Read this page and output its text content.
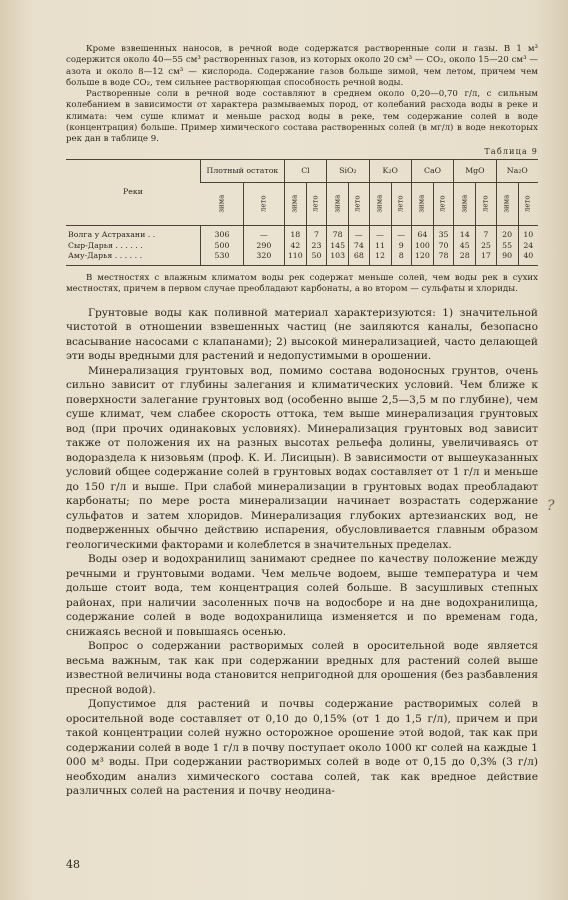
Кроме взвешенных наносов, в речной воде содержатся растворенные соли и газы. В 1 м³ содержится около 40—55 см³ растворенных газов, из которых около 20 см³ — CO₂, около 15—20 см³ — азота и около 8—12 см³ — кислорода. Содержание газов больше зимой, чем летом, причем чем больше в воде CO₂, тем сильнее растворяющая способность речной воды.

Растворенные соли в речной воде составляют в среднем около 0,20—0,70 г/л, с сильным колебанием в зависимости от характера размываемых пород, от колебаний расхода воды в реке и климата: чем суше климат и меньше расход воды в реке, тем содержание солей в воде (концентрация) больше. Пример химического состава растворенных солей (в мг/л) в воде некоторых рек дан в таблице 9.

Таблица 9
Реки	Плотный остаток		Cl		SiO₂		K₂O		CaO		MgO		Na₂O	
	зима	лето	зима	лето	зима	лето	зима	лето	зима	лето	зима	лето	зима	лето
Волга у Астрахани . .	306	—	18	7	78	—	—	—	64	35	14	7	20	10
Сыр-Дарья . . . . . .	500	290	42	23	145	74	11	9	100	70	45	25	55	24
Аму-Дарья . . . . . .	530	320	110	50	103	68	12	8	120	78	28	17	90	40

В местностях с влажным климатом воды рек содержат меньше солей, чем воды рек в сухих местностях, причем в первом случае преобладают карбонаты, а во втором — сульфаты и хлориды.

Грунтовые воды как поливной материал характеризуются: 1) значительной чистотой в отношении взвешенных частиц (не заиляются каналы, безопасно всасывание насосами с клапанами); 2) высокой минерализацией, часто делающей эти воды вредными для растений и недопустимыми в орошении.

Минерализация грунтовых вод, помимо состава водоносных грунтов, очень сильно зависит от глубины залегания и климатических условий. Чем ближе к поверхности залегание грунтовых вод (особенно выше 2,5—3,5 м по глубине), чем суше климат, чем слабее скорость оттока, тем выше минерализация грунтовых вод (при прочих одинаковых условиях). Минерализация грунтовых вод зависит также от положения их на разных высотах рельефа долины, увеличиваясь от водораздела к низовьям (проф. К. И. Лисицын). В зависимости от вышеуказанных условий общее содержание солей в грунтовых водах составляет от 1 г/л и меньше до 150 г/л и выше. При слабой минерализации в грунтовых водах преобладают карбонаты; по мере роста минерализации начинает возрастать содержание сульфатов и затем хлоридов. Минерализация глубоких артезианских вод, не подверженных обычно действию испарения, обусловливается главным образом геологическими факторами и колеблется в значительных пределах.

Воды озер и водохранилищ занимают среднее по качеству положение между речными и грунтовыми водами. Чем мельче водоем, выше температура и чем дольше стоит вода, тем концентрация солей больше. В засушливых степных районах, при наличии засоленных почв на водосборе и на дне водохранилища, содержание солей в воде водохранилища изменяется и по временам года, снижаясь весной и повышаясь осенью.

Вопрос о содержании растворимых солей в оросительной воде является весьма важным, так как при содержании вредных для растений солей выше известной величины вода становится непригодной для орошения (без разбавления пресной водой).

Допустимое для растений и почвы содержание растворимых солей в оросительной воде составляет от 0,10 до 0,15% (от 1 до 1,5 г/л), причем и при такой концентрации солей нужно осторожное орошение этой водой, так как при содержании солей в воде 1 г/л в почву поступает около 1000 кг солей на каждые 1 000 м³ воды. При содержании растворимых солей в воде от 0,15 до 0,3% (3 г/л) необходим анализ химического состава солей, так как вредное действие различных солей на растения и почву неодина-

?
48
